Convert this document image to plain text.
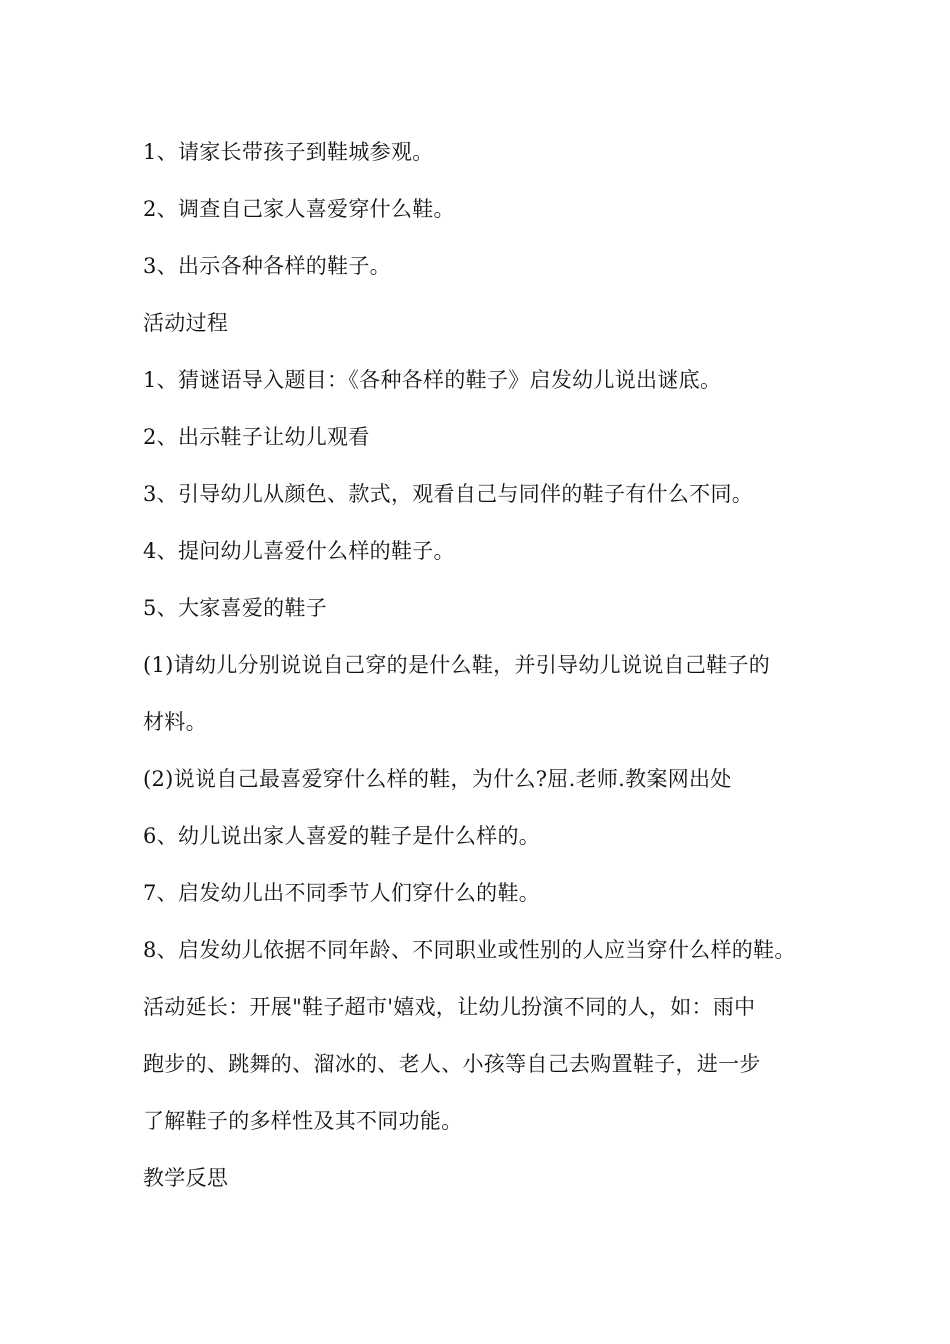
1、请家长带孩子到鞋城参观。
2、调查自己家人喜爱穿什么鞋。
3、出示各种各样的鞋子。
活动过程
1、猜谜语导入题目：《各种各样的鞋子》启发幼儿说出谜底。
2、出示鞋子让幼儿观看
3、引导幼儿从颜色、款式，观看自己与同伴的鞋子有什么不同。
4、提问幼儿喜爱什么样的鞋子。
5、大家喜爱的鞋子
(1)请幼儿分别说说自己穿的是什么鞋，并引导幼儿说说自己鞋子的
材料。
(2)说说自己最喜爱穿什么样的鞋，为什么?屈.老师.教案网出处
6、幼儿说出家人喜爱的鞋子是什么样的。
7、启发幼儿出不同季节人们穿什么的鞋。
8、启发幼儿依据不同年龄、不同职业或性别的人应当穿什么样的鞋。
活动延长：开展"鞋子超市'嬉戏，让幼儿扮演不同的人，如：雨中
跑步的、跳舞的、溜冰的、老人、小孩等自己去购置鞋子，进一步
了解鞋子的多样性及其不同功能。
教学反思
